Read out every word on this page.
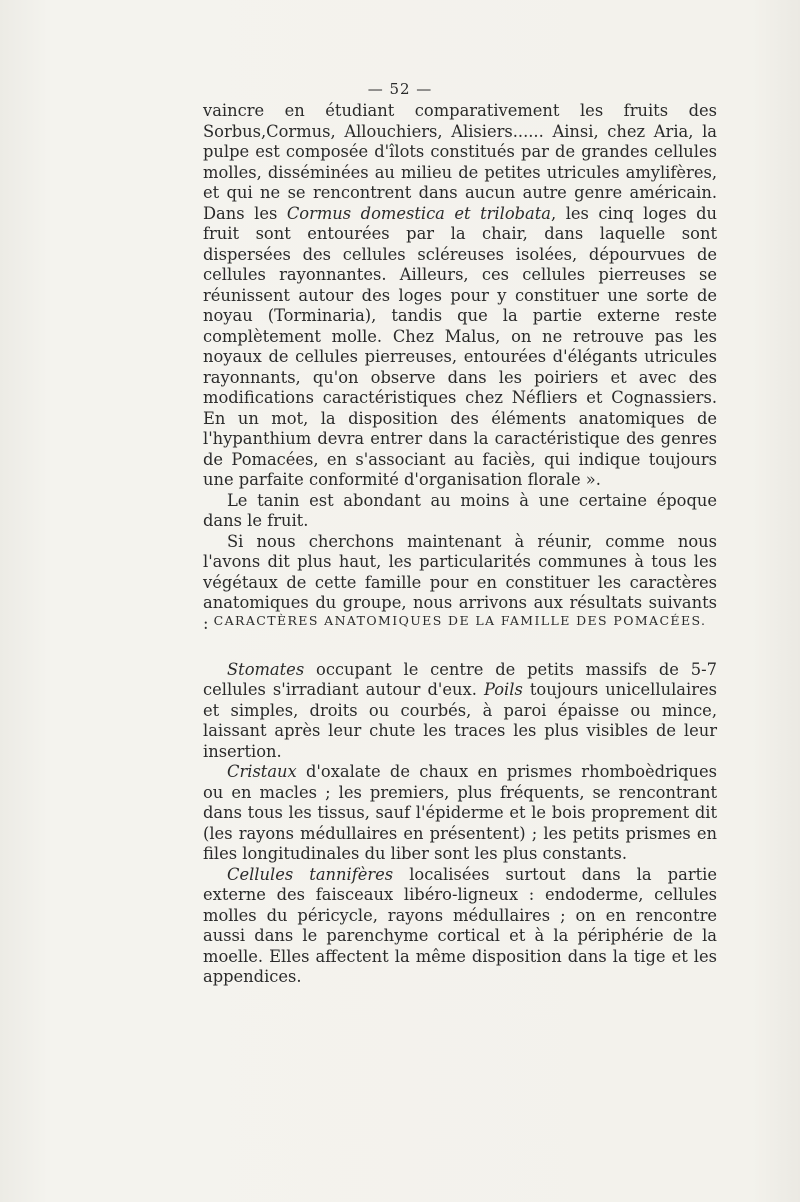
— 52 —

vaincre en étudiant comparativement les fruits des Sorbus,Cormus, Allouchiers, Alisiers...... Ainsi, chez Aria, la pulpe est composée d'îlots constitués par de grandes cellules molles, disséminées au milieu de petites utricules amylifères, et qui ne se rencontrent dans aucun autre genre américain. Dans les Cormus domestica et trilobata, les cinq loges du fruit sont entourées par la chair, dans laquelle sont dispersées des cellules scléreuses isolées, dépourvues de cellules rayonnantes. Ailleurs, ces cellules pierreuses se réunissent autour des loges pour y constituer une sorte de noyau (Torminaria), tandis que la partie externe reste complètement molle. Chez Malus, on ne retrouve pas les noyaux de cellules pierreuses, entourées d'élégants utricules rayonnants, qu'on observe dans les poiriers et avec des modifications caractéristiques chez Néfliers et Cognassiers. En un mot, la disposition des éléments anatomiques de l'hypanthium devra entrer dans la caractéristique des genres de Pomacées, en s'associant au faciès, qui indique toujours une parfaite conformité d'organisation florale ».

Le tanin est abondant au moins à une certaine époque dans le fruit.

Si nous cherchons maintenant à réunir, comme nous l'avons dit plus haut, les particularités communes à tous les végétaux de cette famille pour en constituer les caractères anatomiques du groupe, nous arrivons aux résultats suivants : CARACTÈRES ANATOMIQUES DE LA FAMILLE DES POMACÉES.

Stomates occupant le centre de petits massifs de 5-7 cellules s'irradiant autour d'eux. Poils toujours unicellulaires et simples, droits ou courbés, à paroi épaisse ou mince, laissant après leur chute les traces les plus visibles de leur insertion.

Cristaux d'oxalate de chaux en prismes rhomboèdriques ou en macles ; les premiers, plus fréquents, se rencontrant dans tous les tissus, sauf l'épiderme et le bois proprement dit (les rayons médullaires en présentent) ; les petits prismes en files longitudinales du liber sont les plus constants.

Cellules tannifères localisées surtout dans la partie externe des faisceaux libéro-ligneux : endoderme, cellules molles du péricycle, rayons médullaires ; on en rencontre aussi dans le parenchyme cortical et à la périphérie de la moelle. Elles affectent la même disposition dans la tige et les appendices.
